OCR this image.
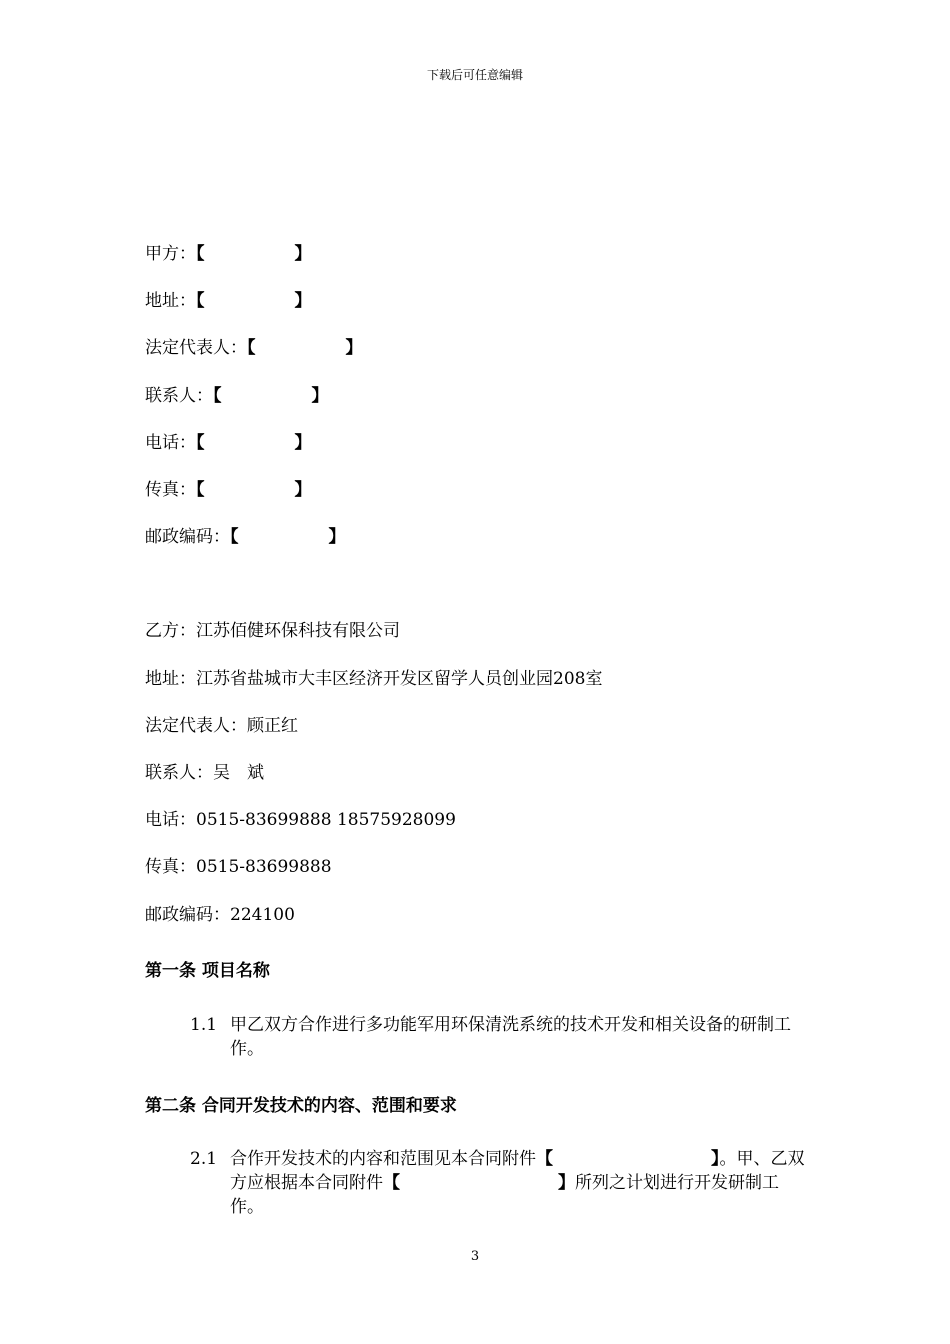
下载后可任意编辑
甲方：【	】
地址：【	】
法定代表人：【	】
联系人：【	】
电话：【	】
传真：【	】
邮政编码：【	】
乙方：江苏佰健环保科技有限公司
地址：江苏省盐城市大丰区经济开发区留学人员创业园208室
法定代表人：顾正红
联系人：吴　斌
电话：0515-83699888 18575928099
传真：0515-83699888
邮政编码：224100
第一条 项目名称
1.1 甲乙双方合作进行多功能军用环保清洗系统的技术开发和相关设备的研制工作。
第二条 合同开发技术的内容、范围和要求
2.1 合作开发技术的内容和范围见本合同附件【	】。甲、乙双方应根据本合同附件【	】所列之计划进行开发研制工作。
3
